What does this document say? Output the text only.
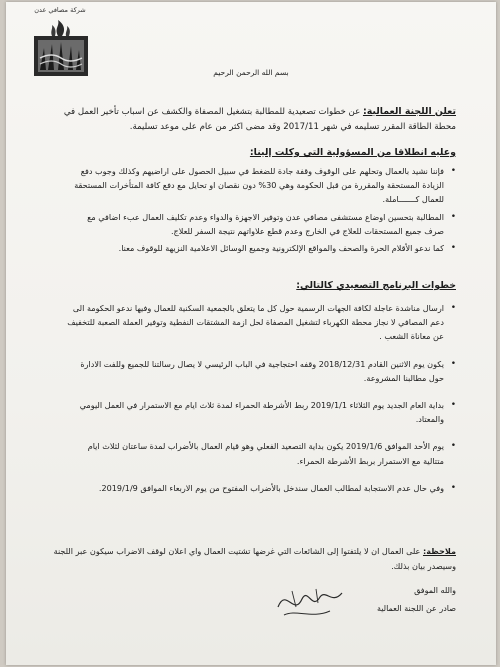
شركة مصافي عدن
بسم الله الرحمن الرحيم
تعلن اللجنة العمالية: عن خطوات تصعيدية للمطالبة بتشغيل المصفاة والكشف عن اسباب تأخير العمل في محطة الطاقة المقرر تسليمه في شهر 2017/11 وقد مضى اكثر من عام على موعد تسليمة.
وعليه انطلاقا من المسؤولية التي وكلت إلينا:
• فإننا نشيد بالعمال وتحلهم على الوقوف وقفة جادة للضغط في سبيل الحصول على اراضيهم وكذلك وجوب دفع الزيادة المستحقة والمقررة من قبل الحكومة وهي 30% دون نقصان او تحايل مع دفع كافة المتأخرات المستحقة للعمال كـــــــاملة.
• المطالبة بتحسين اوضاع مستشفى مصافي عدن وتوفير الاجهزة والدواء وعدم تكليف العمال عبء اضافي مع صرف جميع المستحقات للعلاج في الخارج وعدم قطع علاواتهم نتيجة السفر للعلاج.
• كما ندعو الأقلام الحرة والصحف والمواقع الإلكترونية وجميع الوسائل الاعلامية النزيهة للوقوف معنا.
خطوات البرنامج التصعيدي كالتالي:
• ارسال مناشدة عاجلة لكافة الجهات الرسمية حول كل ما يتعلق بالجمعية السكنية للعمال وفيها ندعو الحكومة الى دعم المصافي لا نجاز محطة الكهرباء لتشغيل المصفاة لحل ازمة المشتقات النفطية وتوفير العملة الصعبة للتخفيف عن معاناة الشعب .
• يكون يوم الاثنين القادم 2018/12/31 وقفه احتجاجية في الباب الرئيسي لا يصال رسالتنا للجميع وللفت الادارة حول مطالبنا المشروعة.
• بداية العام الجديد يوم الثلاثاء 2019/1/1 ربط الأشرطة الحمراء لمدة ثلاث ايام مع الاستمرار في العمل اليومي والمعتاد.
• يوم الأحد الموافق 2019/1/6 يكون بداية التصعيد الفعلي وهو قيام العمال بالأضراب لمدة ساعتان لثلاث ايام متتالية مع الاستمرار بربط الأشرطة الحمراء.
• وفي حال عدم الاستجابة لمطالب العمال سندخل بالأضراب المفتوح من يوم الاربعاء الموافق 2019/1/9.
ملاحظة: على العمال ان لا يلتفتوا إلى الشائعات التي غرضها تشتيت العمال واي اعلان لوقف الاضراب سيكون عبر اللجنة وسيصدر بيان بذلك.
والله الموفق
صادر عن اللجنة العمالية
